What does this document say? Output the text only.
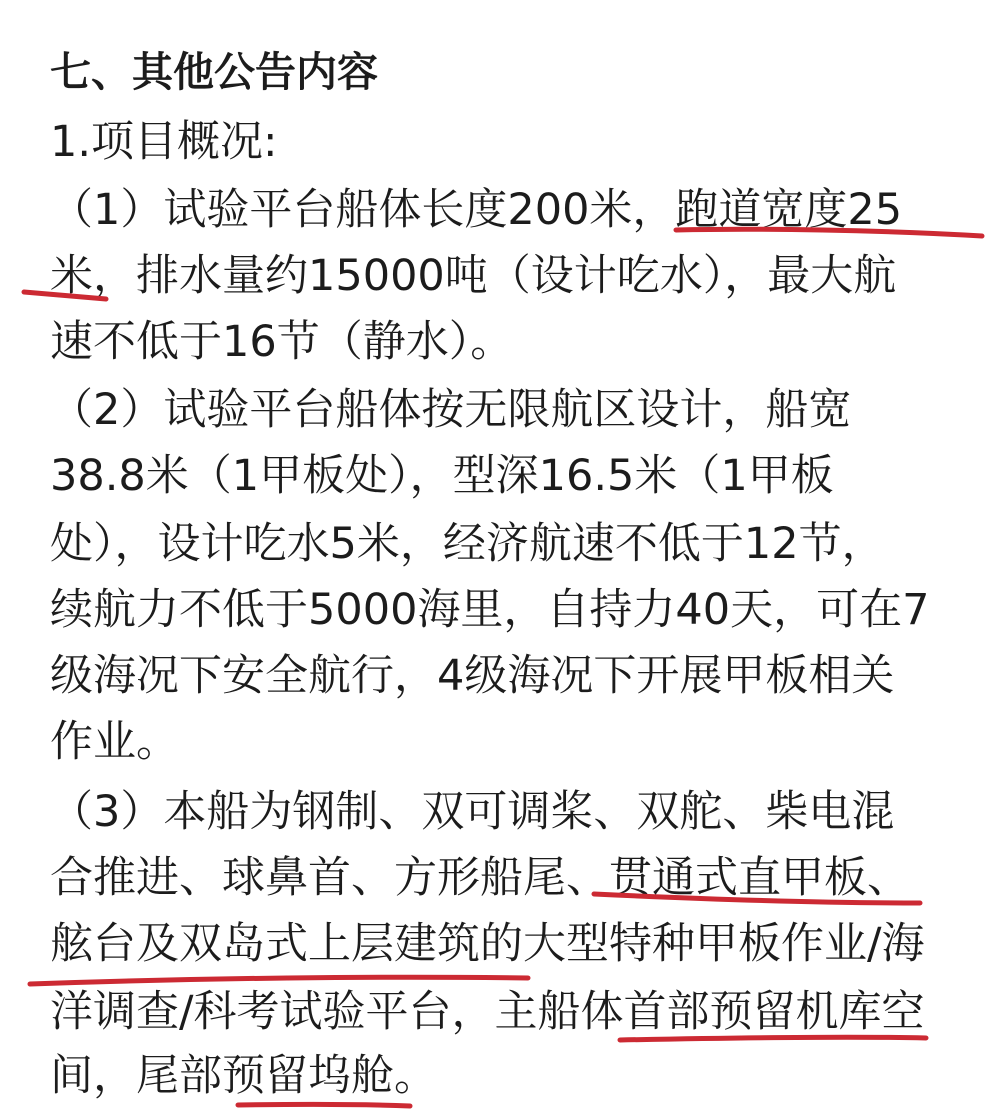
七、其他公告内容
1.项目概况:
（1）试验平台船体长度200米，跑道宽度25
米，排水量约15000吨（设计吃水），最大航
速不低于16节（静水）。
（2）试验平台船体按无限航区设计，船宽
38.8米（1甲板处），型深16.5米（1甲板
处），设计吃水5米，经济航速不低于12节，
续航力不低于5000海里，自持力40天，可在7
级海况下安全航行，4级海况下开展甲板相关
作业。
（3）本船为钢制、双可调桨、双舵、柴电混
合推进、球鼻首、方形船尾、贯通式直甲板、
舷台及双岛式上层建筑的大型特种甲板作业/海
洋调查/科考试验平台，主船体首部预留机库空
间，尾部预留坞舱。
